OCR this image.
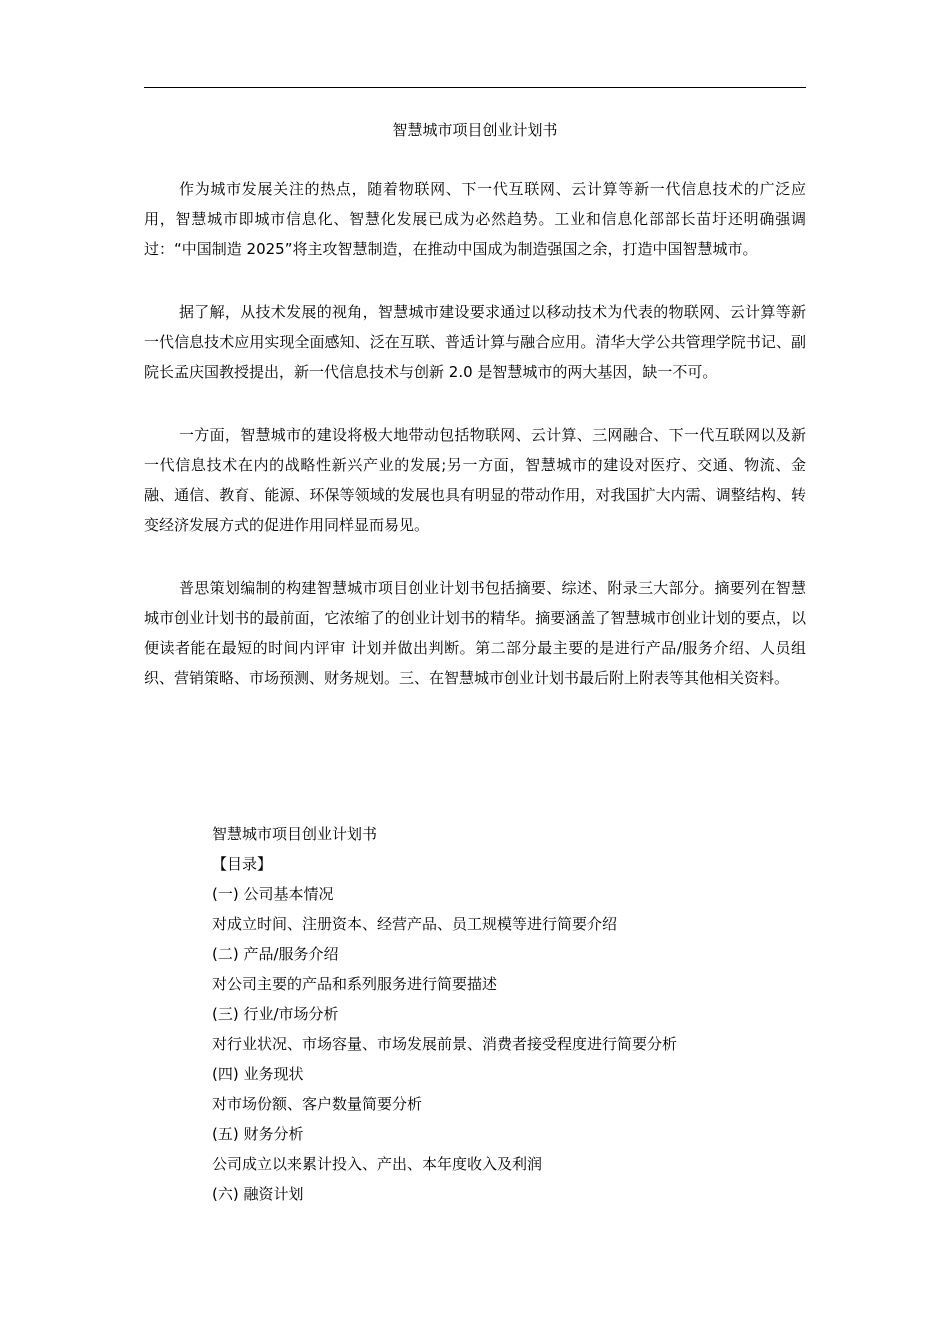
智慧城市项目创业计划书

作为城市发展关注的热点，随着物联网、下一代互联网、云计算等新一代信息技术的广泛应用，智慧城市即城市信息化、智慧化发展已成为必然趋势。工业和信息化部部长苗圩还明确强调过：“中国制造 2025”将主攻智慧制造，在推动中国成为制造强国之余，打造中国智慧城市。

据了解，从技术发展的视角，智慧城市建设要求通过以移动技术为代表的物联网、云计算等新一代信息技术应用实现全面感知、泛在互联、普适计算与融合应用。清华大学公共管理学院书记、副院长孟庆国教授提出，新一代信息技术与创新 2.0 是智慧城市的两大基因，缺一不可。

一方面，智慧城市的建设将极大地带动包括物联网、云计算、三网融合、下一代互联网以及新一代信息技术在内的战略性新兴产业的发展;另一方面，智慧城市的建设对医疗、交通、物流、金融、通信、教育、能源、环保等领域的发展也具有明显的带动作用，对我国扩大内需、调整结构、转变经济发展方式的促进作用同样显而易见。

普思策划编制的构建智慧城市项目创业计划书包括摘要、综述、附录三大部分。摘要列在智慧城市创业计划书的最前面，它浓缩了的创业计划书的精华。摘要涵盖了智慧城市创业计划的要点，以便读者能在最短的时间内评审 计划并做出判断。第二部分最主要的是进行产品/服务介绍、人员组织、营销策略、市场预测、财务规划。三、在智慧城市创业计划书最后附上附表等其他相关资料。

智慧城市项目创业计划书
【目录】
(一) 公司基本情况
对成立时间、注册资本、经营产品、员工规模等进行简要介绍
(二) 产品/服务介绍
对公司主要的产品和系列服务进行简要描述
(三) 行业/市场分析
对行业状况、市场容量、市场发展前景、消费者接受程度进行简要分析
(四) 业务现状
对市场份额、客户数量简要分析
(五) 财务分析
公司成立以来累计投入、产出、本年度收入及利润
(六) 融资计划
